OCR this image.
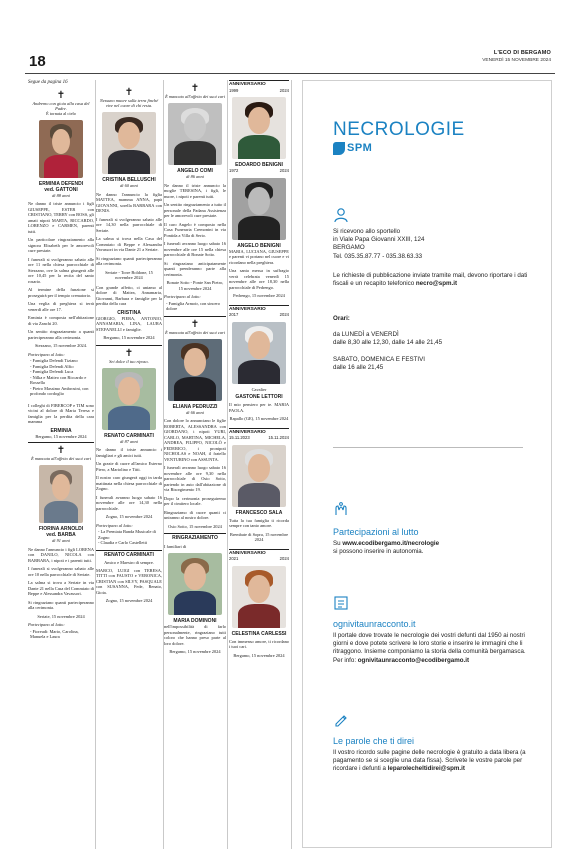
18	L'ECO DI BERGAMO
VENERDÌ 15 NOVEMBRE 2024
Segue da pagina 16
✝
Andremo con gioia alla casa del Padre.
È tornata al cielo
ERMINIA DEFENDI
ved. GATTONI
di 88 anni
Ne danno il triste annuncio i figli GIUSEPPE, ESTER con CRISTIANO, TERRY con BOSS, gli amati nipoti MARTA, RICCARDO, LORENZO e CARMEN, parenti tutti.
Un particolare ringraziamento alla signora Elisabeth per le amorevoli cure prestate.
I funerali si svolgeranno sabato alle ore 11 nella chiesa parrocchiale di Stezzano, ove la salma giungerà alle ore 10,45 per la recita del santo rosario.
Al termine della funzione si proseguirà per il tempio crematorio.
Una veglia di preghiera si terrà venerdì alle ore 17.
Erminia è composta nell'abitazione di via Zanchi 20.
Un sentito ringraziamento a quanti parteciperanno alla cerimonia.
Stezzano, 15 novembre 2024.
Partecipano al lutto:
- Famiglia Defendi Tiziano
- Famiglia Defendi Alfio
- Famiglia Defendi Luca
- Nilka e Matteo con Riccardo e Rossella
- Pietro Massimo Ambrosini, con profondo cordoglio
I colleghi di FIBERCOP e TIM sono vicini al dolore di Maria Teresa e famiglia per la perdita della cara mamma
ERMINIA
Bergamo, 15 novembre 2024
✝
È mancata all'affetto dei suoi cari
FIORINA ARNOLDI
ved. BARBA
di 91 anni
Ne danno l'annuncio i figli LORENA con DANILO, NICOLA con BARBARA, i nipoti e i parenti tutti.
I funerali si svolgeranno sabato alle ore 10 nella parrocchiale di Seriate.
La salma si trova a Seriate in via Dante 21 nella Casa del Commiato di Beppe e Alessandra Vavassori.
Si ringraziano quanti parteciperanno alla cerimonia.
Seriate, 15 novembre 2024
Partecipano al lutto:
- Fioreadi: Mario, Carolina, Manuela e Laura
✝
Nessuno muore sulla terra finché vive nel cuore di chi resta.
CRISTINA BELLUSCHI
di 60 anni
Ne danno l'annuncio la figlia MATTEA, mamma ANNA, papà GIOVANNI, sorella BARBARA con DENIS.
I funerali si svolgeranno sabato alle ore 14,30 nella parrocchiale di Seriate.
La salma si trova nella Casa del Commiato di Beppe e Alessandra Vavassori in via Dante 21 a Seriate.
Si ringraziano quanti parteciperanno alla cerimonia.
Seriate - Torre Boldone, 15 novembre 2024
Con grande affetto, ci uniamo al dolore di Mattea, Annamaria, Giovanni, Barbara e famiglie per la perdita della cara
CRISTINA
GIORGIO, PIERA, ANTONIO, ANNAMARIA, LINA, LAURA STEFANELLI e famiglie.
Bergamo, 15 novembre 2024
✝
Sei dolce il tuo riposo.
RENATO CARMINATI
di 87 anni
Ne danno il triste annuncio i famigliari e gli amici tutti.
Un grazie di cuore all'amico Esterno Piero, a Mariolino e Titti.
Il nostro caro giungerà oggi in tarda mattinata nella chiesa parrocchiale di Zogno.
I funerali avranno luogo sabato 16 novembre alle ore 14,30 nella parrocchiale.
Zogno, 15 novembre 2024
Partecipano al lutto:
- La Premiata Banda Musicale di Zogno
- Claudia e Carlo Castelletti
RENATO CARMINATI
Amico e Maestro di sempre.
MARCO, LUIGI con TERESA, TITTI con FAUSTO e VERONICA, CRISTIAN con SILVY, PASQUALE con SUSANNA, Fede, Renato, Gioia.
Zogno, 15 novembre 2024
✝
È mancato all'affetto dei suoi cari
ANGELO COMI
di 86 anni
Ne danno il triste annuncio la moglie TERESINA, i figli, le nuore, i nipoti e parenti tutti.
Un sentito ringraziamento a tutto il personale della Padana Assistenza per le amorevoli cure prestate.
Il caro Angelo è composto nella Casa Funeraria Cremonini in via Pontida a Villa di Serio.
I funerali avranno luogo sabato 16 novembre alle ore 15 nella chiesa parrocchiale di Bonate Sotto.
Si ringraziano anticipatamente quanti prenderanno parte alla cerimonia.
Bonate Sotto - Ponte San Pietro, 15 novembre 2024
Partecipano al lutto:
- Famiglia Armoir, con sincero dolore
✝
È mancata all'affetto dei suoi cari
ELIANA PEDRUZZI
di 66 anni
Con dolore lo annunciano le figlie ROBERTA, ALESSANDRA con GIORDANO, i nipoti YURI, CARLO, MARTINA, MICHELA, ANDREA, FILIPPO, NICOLÒ e FEDERICO, i pronipoti NICHOLAS e NOAH, il fratello VENTURINO con ASSUNTA.
I funerali avranno luogo sabato 16 novembre alle ore 9,30 nella parrocchiale di Osio Sotto, partendo in auto dall'abitazione di via Risorgimento 19.
Dopo la cerimonia proseguiremo per il cimitero locale.
Ringraziamo di cuore quanti ci uniranno al nostro dolore.
Osio Sotto, 15 novembre 2024
RINGRAZIAMENTO
I familiari di
MARIA DOMINONI
nell'impossibilità di farlo personalmente, ringraziano tutti coloro che hanno preso parte al loro dolore.
Bergamo, 15 novembre 2024
ANNIVERSARIO
1999	2024
EDOARDO BENIGNI
1972	2024
ANGELO BENIGNI
MARIA, LUCIANA, GIUSEPPE e parenti vi portano nel cuore e vi ricordano nella preghiera.
Una santa messa in suffragio verrà celebrata venerdì 15 novembre alle ore 18,30 nella parrocchiale di Pedrengo.
Pedrengo, 15 novembre 2024
ANNIVERSARIO
2017	2024
Cavalier
GASTONE LETTORI
Il mio pensiero per te. MARIA PAOLA.
Rapallo (GE), 15 novembre 2024
ANNIVERSARIO
15.11.2023	15.11.2024
FRANCESCO SALA
Tutta la tua famiglia ti ricorda sempre con tanto amore.
Brembate di Sopra, 15 novembre 2024
ANNIVERSARIO
2021	2024
CELESTINA CARLESSI
Con immenso amore, ti ricordano i tuoi cari.
Bergamo, 15 novembre 2024
NECROLOGIE
SPM
Si ricevono allo sportello
in Viale Papa Giovanni XXIII, 124
BERGAMO
Tel. 035.35.87.77 - 035.38.63.33
Le richieste di pubblicazione inviate tramite mail, devono riportare i dati fiscali e un recapito telefonico necro@spm.it
Orari:
da LUNEDÌ a VENERDÌ
dalle 8,30 alle 12,30, dalle 14 alle 21,45
SABATO, DOMENICA E FESTIVI
dalle 16 alle 21,45
Partecipazioni al lutto
Su www.ecodibergamo.it/necrologie
si possono inserire in autonomia.
ognivitaunracconto.it
Il portale dove trovate le necrologie dei vostri defunti dal 1950 ai nostri giorni e dove potete scrivere le loro storie e inserire le immagini che li ritraggono. Insieme componiamo la storia della comunità bergamasca.
Per info: ognivitaunracconto@ecodibergamo.it
Le parole che ti direi
Il vostro ricordo sulle pagine delle necrologie è gratuito a data libera (a pagamento se si sceglie una data fissa). Scrivete le vostre parole per ricordare i defunti a leparolecheltidirei@spm.it
